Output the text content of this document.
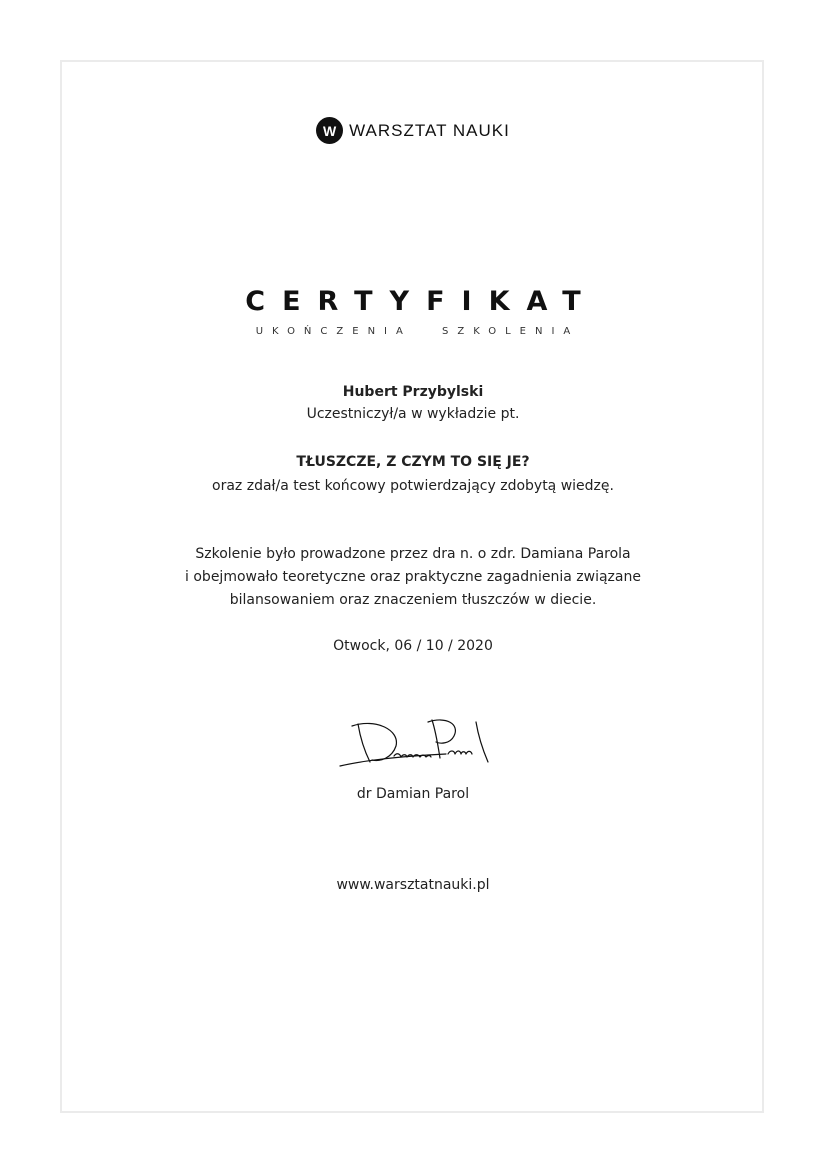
W WARSZTAT NAUKI
CERTYFIKAT
UKOŃCZENIA SZKOLENIA
Hubert Przybylski
Uczestniczył/a w wykładzie pt.
TŁUSZCZE, Z CZYM TO SIĘ JE?
oraz zdał/a test końcowy potwierdzający zdobytą wiedzę.
Szkolenie było prowadzone przez dra n. o zdr. Damiana Parola
i obejmowało teoretyczne oraz praktyczne zagadnienia związane
bilansowaniem oraz znaczeniem tłuszczów w diecie.
Otwock, 06 / 10 / 2020
dr Damian Parol
www.warsztatnauki.pl
